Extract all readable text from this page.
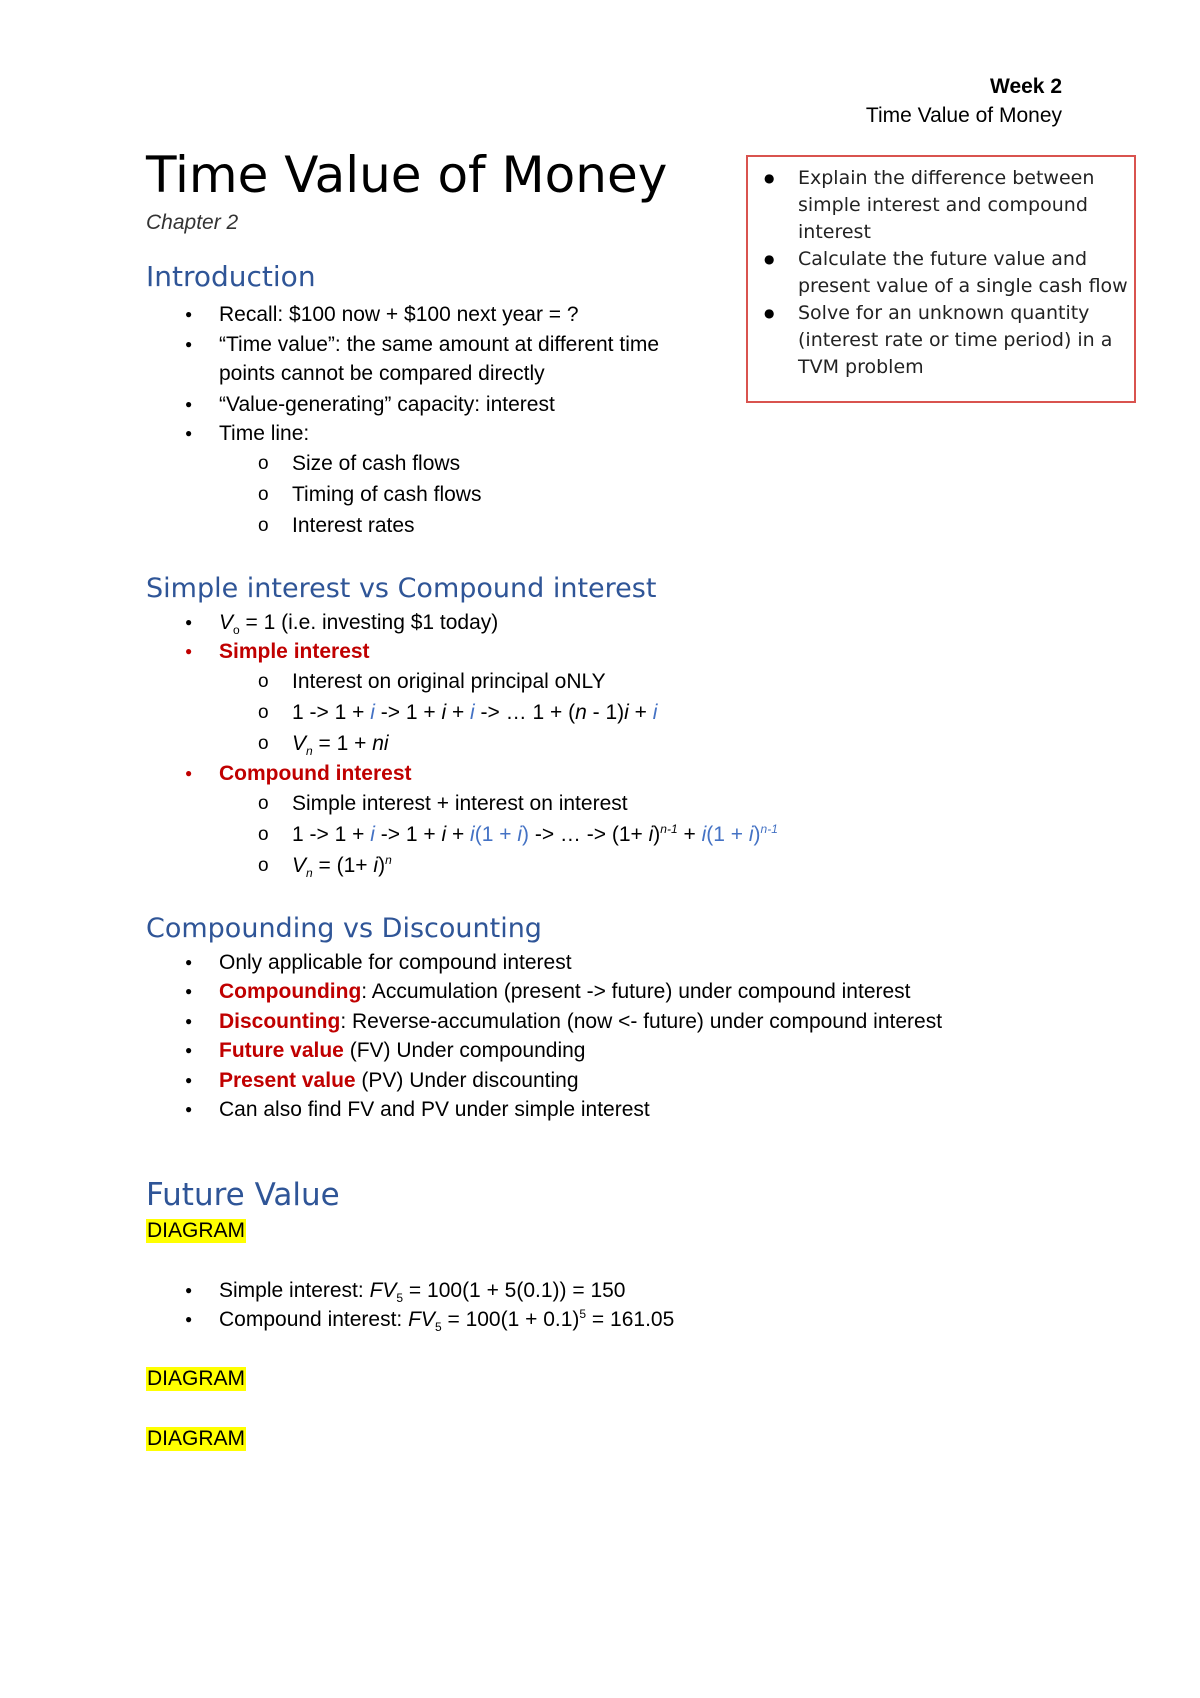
Week 2
Time Value of Money
Time Value of Money
Chapter 2
● Explain the difference between
simple interest and compound
interest
● Calculate the future value and
present value of a single cash flow
● Solve for an unknown quantity
(interest rate or time period) in a
TVM problem
Introduction
● Recall: $100 now + $100 next year = ?
● “Time value”: the same amount at different time
points cannot be compared directly
● “Value-generating” capacity: interest
● Time line:
o Size of cash flows
o Timing of cash flows
o Interest rates
Simple interest vs Compound interest
● $V_o = 1$ (i.e. investing $1 today)
● Simple interest
o Interest on original principal oNLY
o 1 -> 1 + i -> 1 + i + i -> … 1 + (n - 1)i + i
o $V_n = 1$ + ni
● Compound interest
o Simple interest + interest on interest
o 1 -> 1 + i -> 1 + i + i(1 + i) -> … -> $(1+ i)^{n-1} + i(1 + i)^{n-1}$
o $V_n = (1+ i)^n$
Compounding vs Discounting
● Only applicable for compound interest
● Compounding: Accumulation (present -> future) under compound interest
● Discounting: Reverse-accumulation (now <- future) under compound interest
● Future value (FV) Under compounding
● Present value (PV) Under discounting
● Can also find FV and PV under simple interest
Future Value
DIAGRAM
● Simple interest: $FV_5 = 100(1 + 5(0.1)) = 150$
● Compound interest: $FV_5 = 100(1 + 0.1)^5 = 161.05$
DIAGRAM
DIAGRAM
